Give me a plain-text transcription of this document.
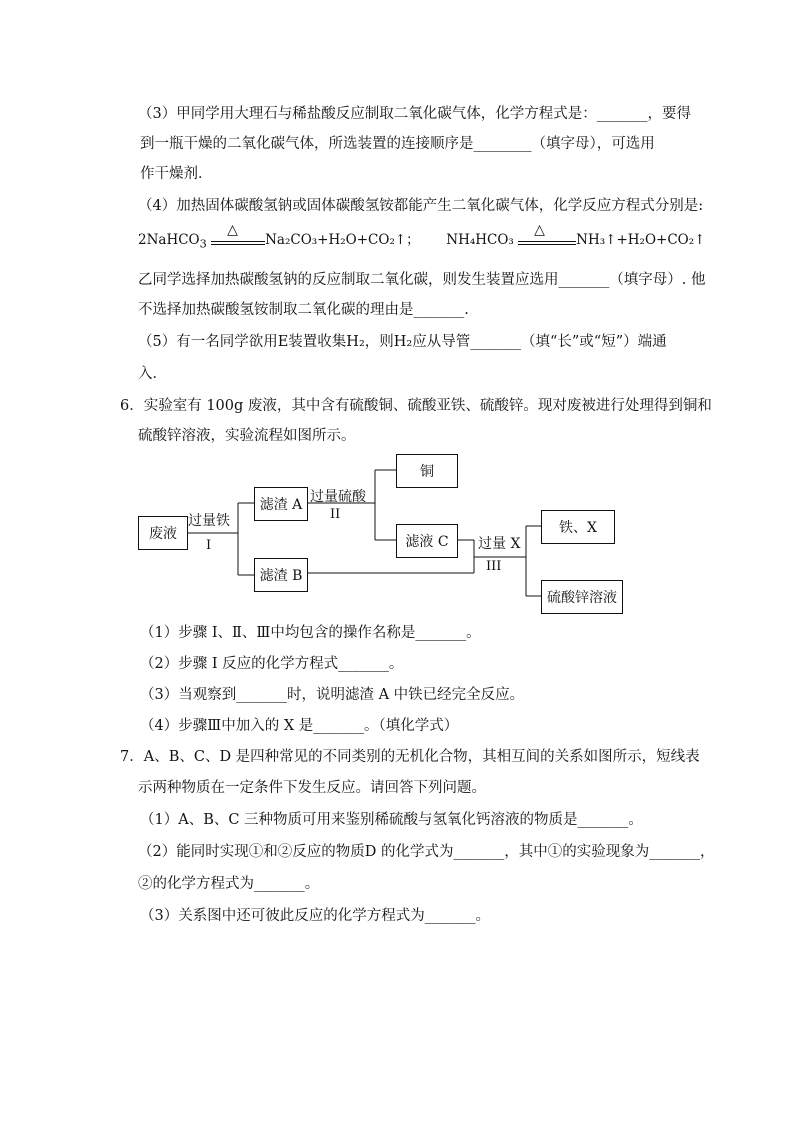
（3）甲同学用大理石与稀盐酸反应制取二氧化碳气体，化学方程式是：_______，要得
到一瓶干燥的二氧化碳气体，所选装置的连接顺序是________（填字母），可选用
作干燥剂．
（4）加热固体碳酸氢钠或固体碳酸氢铵都能产生二氧化碳气体，化学反应方程式分别是:
2NaHCO$_3$
△
Na₂CO₃+H₂O+CO₂↑； NH₄HCO₃
△
NH₃↑+H₂O+CO₂↑
乙同学选择加热碳酸氢钠的反应制取二氧化碳，则发生装置应选用_______（填字母）. 他
不选择加热碳酸氢铵制取二氧化碳的理由是_______.
（5）有一名同学欲用E装置收集H₂，则H₂应从导管_______（填“长”或“短”）端通
入．
6．实验室有 100g 废液，其中含有硫酸铜、硫酸亚铁、硫酸锌。现对废被进行处理得到铜和
硫酸锌溶液，实验流程如图所示。
废液
过量铁
I
滤渣 A
滤渣 B
过量硫酸
II
铜
滤液 C 过量 X
III
铁、X
硫酸锌溶液
（1）步骤 I、Ⅱ、Ⅲ中均包含的操作名称是_______。
（2）步骤 I 反应的化学方程式_______。
（3）当观察到_______时，说明滤渣 A 中铁已经完全反应。
（4）步骤Ⅲ中加入的 X 是_______。（填化学式）
7．A、B、C、D 是四种常见的不同类别的无机化合物，其相互间的关系如图所示，短线表
示两种物质在一定条件下发生反应。请回答下列问题。
（1）A、B、C 三种物质可用来鉴别稀硫酸与氢氧化钙溶液的物质是_______。
（2）能同时实现①和②反应的物质D 的化学式为_______，其中①的实验现象为_______，
②的化学方程式为_______。
（3）关系图中还可彼此反应的化学方程式为_______。
